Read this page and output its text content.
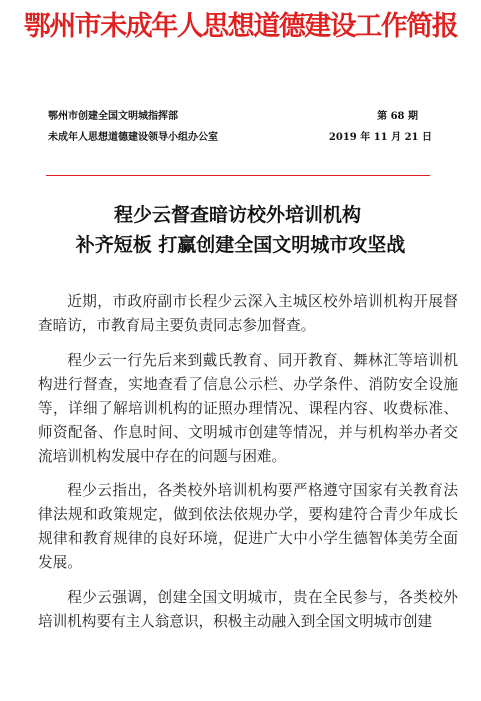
鄂州市未成年人思想道德建设工作简报
鄂州市创建全国文明城指挥部	第 68 期
未成年人思想道德建设领导小组办公室	2019 年 11 月 21 日
程少云督查暗访校外培训机构
补齐短板 打赢创建全国文明城市攻坚战

近期，市政府副市长程少云深入主城区校外培训机构开展督查暗访，市教育局主要负责同志参加督查。

程少云一行先后来到戴氏教育、同开教育、舞林汇等培训机构进行督查，实地查看了信息公示栏、办学条件、消防安全设施等，详细了解培训机构的证照办理情况、课程内容、收费标准、师资配备、作息时间、文明城市创建等情况，并与机构举办者交流培训机构发展中存在的问题与困难。

程少云指出，各类校外培训机构要严格遵守国家有关教育法律法规和政策规定，做到依法依规办学，要构建符合青少年成长规律和教育规律的良好环境，促进广大中小学生德智体美劳全面发展。

程少云强调，创建全国文明城市，贵在全民参与，各类校外培训机构要有主人翁意识，积极主动融入到全国文明城市创建
